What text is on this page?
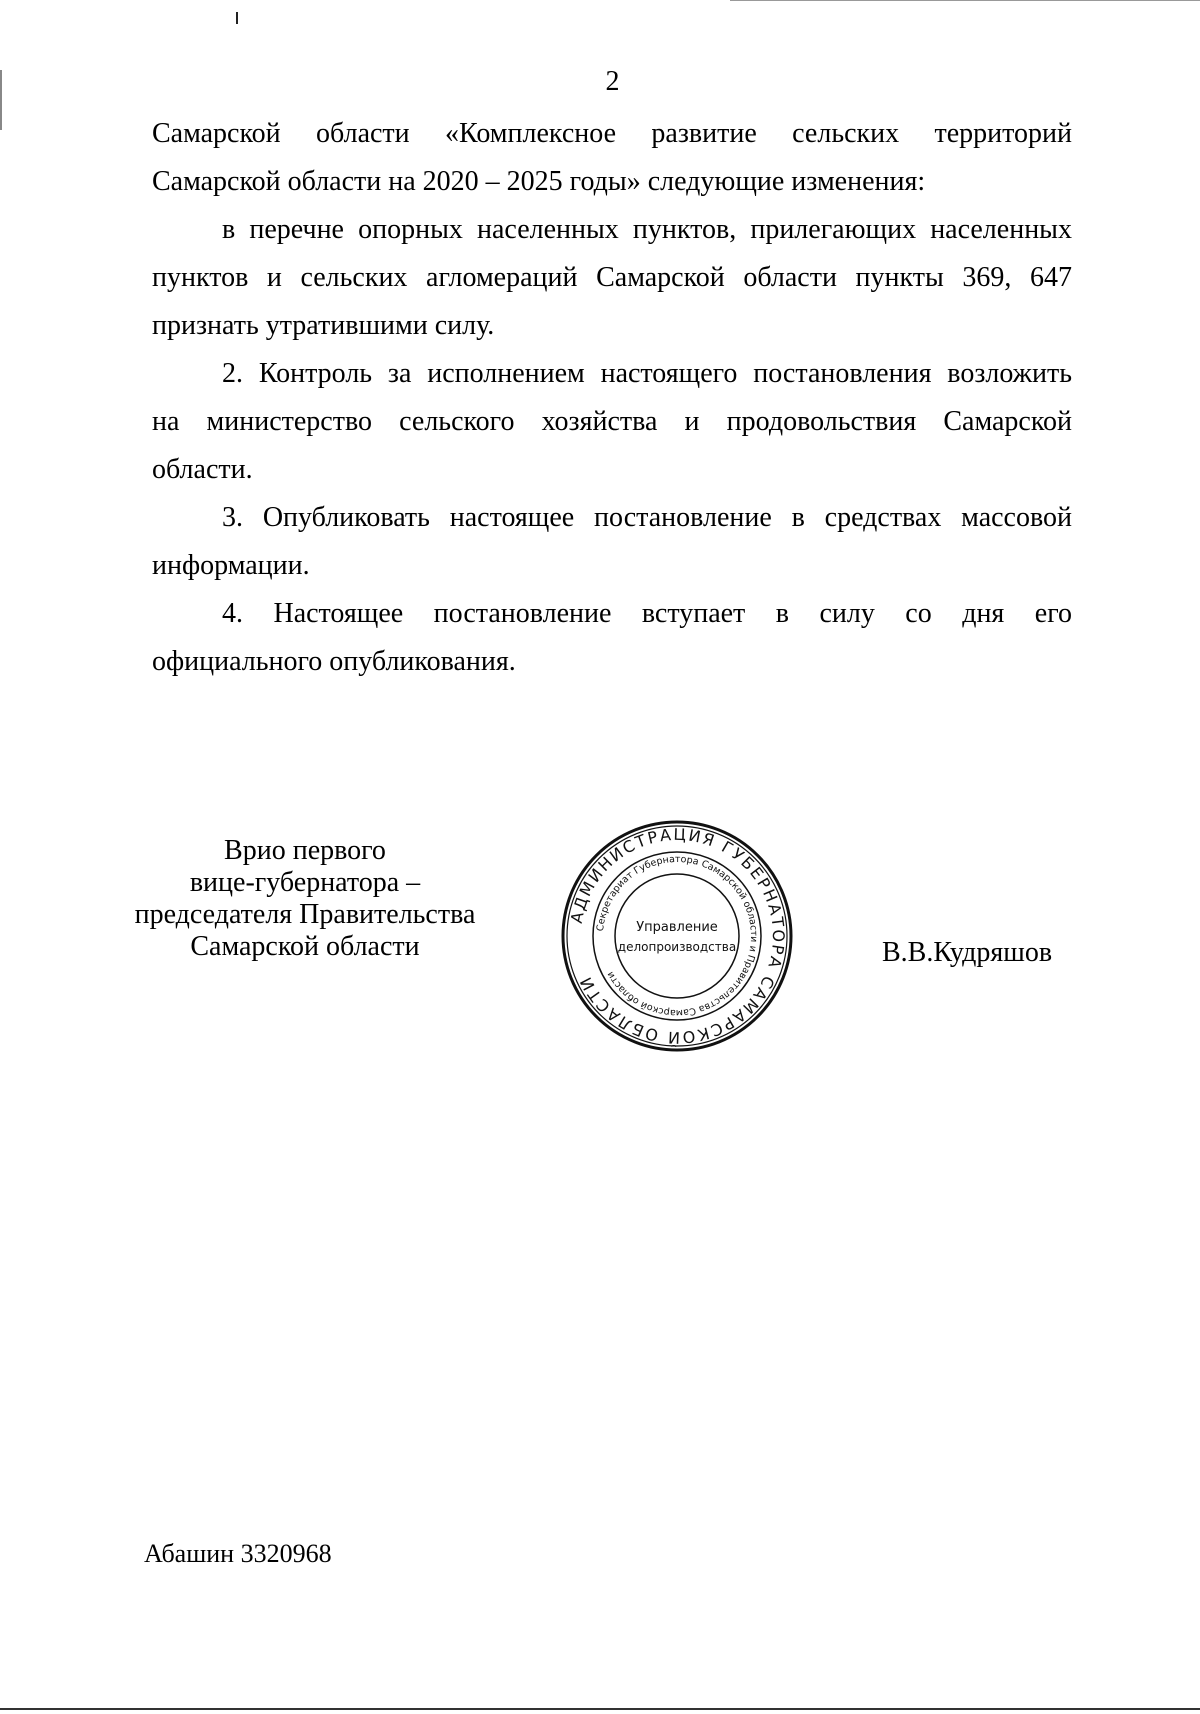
2
Самарской области «Комплексное развитие сельских территорий
Самарской области на 2020 – 2025 годы» следующие изменения:
в перечне опорных населенных пунктов, прилегающих населенных
пунктов и сельских агломераций Самарской области пункты 369, 647
признать утратившими силу.
2. Контроль за исполнением настоящего постановления возложить
на министерство сельского хозяйства и продовольствия Самарской
области.
3. Опубликовать настоящее постановление в средствах массовой
информации.
4. Настоящее постановление вступает в силу со дня его
официального опубликования.
Врио первого
вице-губернатора –
председателя Правительства
Самарской области
АДМИНИСТРАЦИЯ ГУБЕРНАТОРА САМАРСКОЙ ОБЛАСТИ
Секретариат Губернатора Самарской области и Правительства Самарской области
Управление
делопроизводства	В.В.Кудряшов
Абашин 3320968
